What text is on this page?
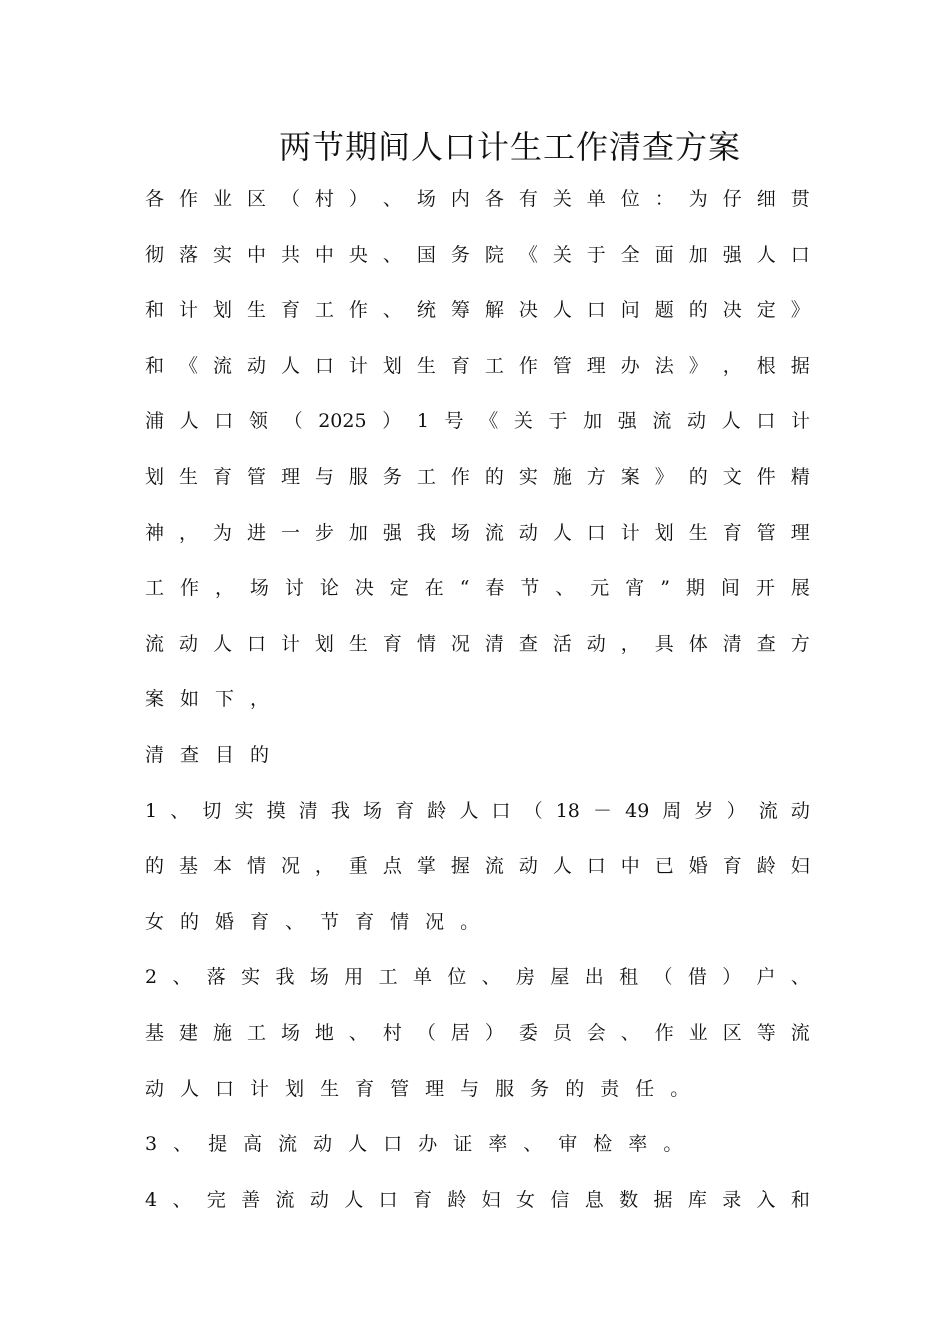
两节期间人口计生工作清查方案
各 作 业 区 （ 村 ） 、 场 内 各 有 关 单 位 ： 为 仔 细 贯
彻 落 实 中 共 中 央 、 国 务 院 《 关 于 全 面 加 强 人 口
和 计 划 生 育 工 作 、 统 筹 解 决 人 口 问 题 的 决 定 》
和 《 流 动 人 口 计 划 生 育 工 作 管 理 办 法 》 ， 根 据
浦 人 口 领 （ 2025 ） 1 号 《 关 于 加 强 流 动 人 口 计
划 生 育 管 理 与 服 务 工 作 的 实 施 方 案 》 的 文 件 精
神 ， 为 进 一 步 加 强 我 场 流 动 人 口 计 划 生 育 管 理
工 作 ， 场 讨 论 决 定 在 “ 春 节 、 元 宵 ” 期 间 开 展
流 动 人 口 计 划 生 育 情 况 清 查 活 动 ， 具 体 清 查 方
案 如 下 ，
清 查 目 的
1 、 切 实 摸 清 我 场 育 龄 人 口 （ 18 － 49 周 岁 ） 流 动
的 基 本 情 况 ， 重 点 掌 握 流 动 人 口 中 已 婚 育 龄 妇
女 的 婚 育 、 节 育 情 况 。
2 、 落 实 我 场 用 工 单 位 、 房 屋 出 租 （ 借 ） 户 、
基 建 施 工 场 地 、 村 （ 居 ） 委 员 会 、 作 业 区 等 流
动 人 口 计 划 生 育 管 理 与 服 务 的 责 任 。
3 、 提 高 流 动 人 口 办 证 率 、 审 检 率 。
4 、 完 善 流 动 人 口 育 龄 妇 女 信 息 数 据 库 录 入 和
